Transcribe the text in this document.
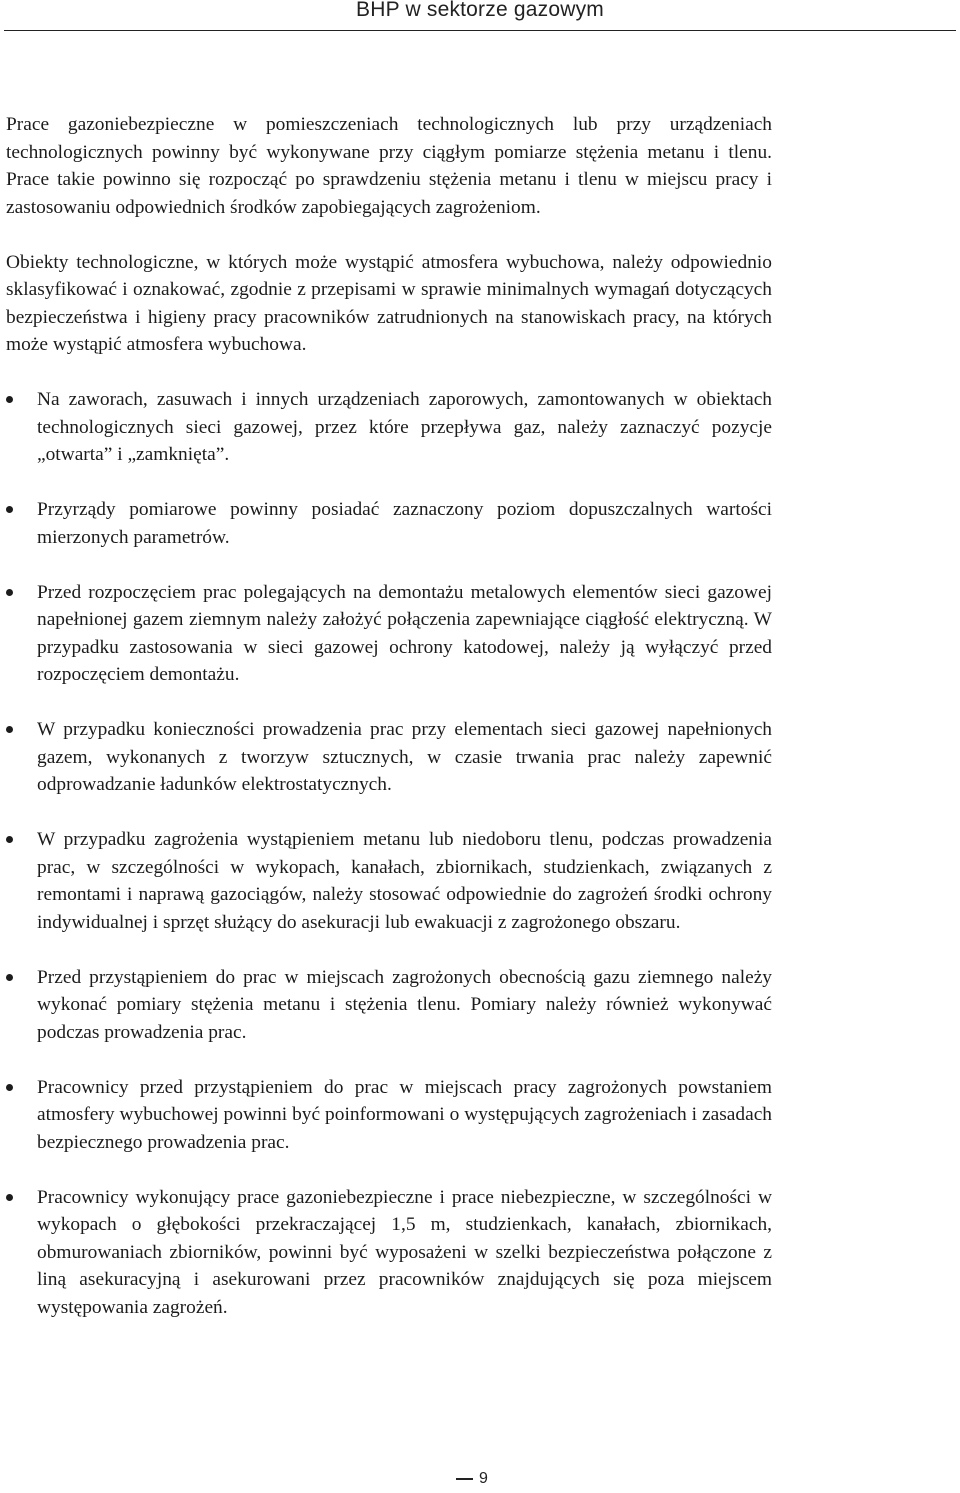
BHP w sektorze gazowym

Prace gazoniebezpieczne w pomieszczeniach technologicznych lub przy urządzeniach technologicznych powinny być wykonywane przy ciągłym pomiarze stężenia metanu i tlenu. Prace takie powinno się rozpocząć po sprawdzeniu stężenia metanu i tlenu w miejscu pracy i zastosowaniu odpowiednich środków zapobiegających zagrożeniom.

Obiekty technologiczne, w których może wystąpić atmosfera wybuchowa, należy odpowiednio sklasyfikować i oznakować, zgodnie z przepisami w sprawie minimalnych wymagań dotyczących bezpieczeństwa i higieny pracy pracowników zatrudnionych na stanowiskach pracy, na których może wystąpić atmosfera wybuchowa.

Na zaworach, zasuwach i innych urządzeniach zaporowych, zamontowanych w obiektach technologicznych sieci gazowej, przez które przepływa gaz, należy zaznaczyć pozycje „otwarta” i „zamknięta”.
Przyrządy pomiarowe powinny posiadać zaznaczony poziom dopuszczalnych wartości mierzonych parametrów.
Przed rozpoczęciem prac polegających na demontażu metalowych elementów sieci gazowej napełnionej gazem ziemnym należy założyć połączenia zapewniające ciągłość elektryczną. W przypadku zastosowania w sieci gazowej ochrony katodowej, należy ją wyłączyć przed rozpoczęciem demontażu.
W przypadku konieczności prowadzenia prac przy elementach sieci gazowej napełnionych gazem, wykonanych z tworzyw sztucznych, w czasie trwania prac należy zapewnić odprowadzanie ładunków elektrostatycznych.
W przypadku zagrożenia wystąpieniem metanu lub niedoboru tlenu, podczas prowadzenia prac, w szczególności w wykopach, kanałach, zbiornikach, studzienkach, związanych z remontami i naprawą gazociągów, należy stosować odpowiednie do zagrożeń środki ochrony indywidualnej i sprzęt służący do asekuracji lub ewakuacji z zagrożonego obszaru.
Przed przystąpieniem do prac w miejscach zagrożonych obecnością gazu ziemnego należy wykonać pomiary stężenia metanu i stężenia tlenu. Pomiary należy również wykonywać podczas prowadzenia prac.
Pracownicy przed przystąpieniem do prac w miejscach pracy zagrożonych powstaniem atmosfery wybuchowej powinni być poinformowani o występujących zagrożeniach i zasadach bezpiecznego prowadzenia prac.
Pracownicy wykonujący prace gazoniebezpieczne i prace niebezpieczne, w szczególności w wykopach o głębokości przekraczającej 1,5 m, studzienkach, kanałach, zbiornikach, obmurowaniach zbiorników, powinni być wyposażeni w szelki bezpieczeństwa połączone z liną asekuracyjną i asekurowani przez pracowników znajdujących się poza miejscem występowania zagrożeń.
9
